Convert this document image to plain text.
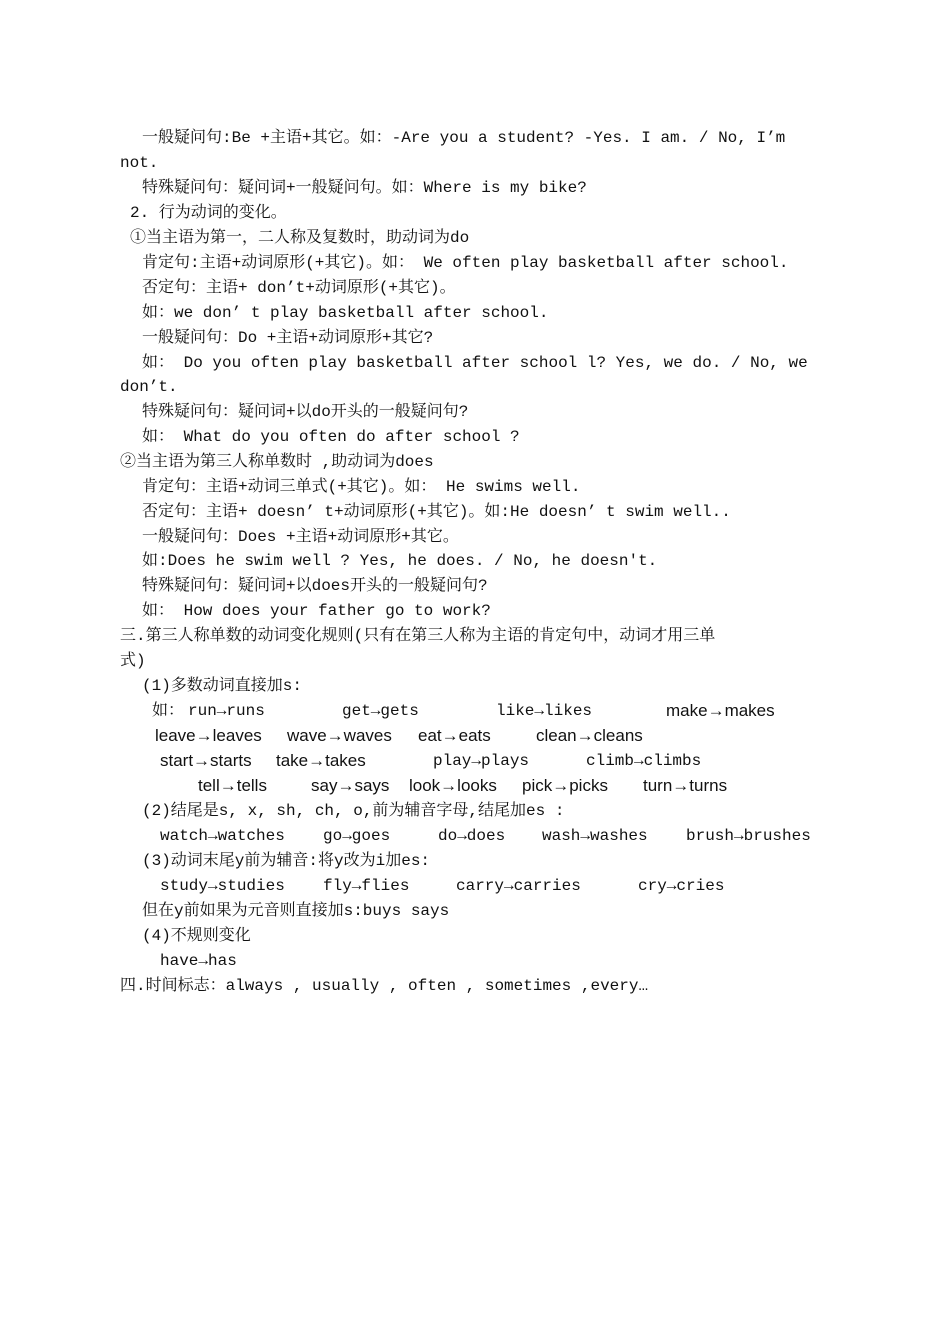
一般疑问句:Be +主语+其它。如：-Are you a student? -Yes. I am. / No, I’m
not.
特殊疑问句：疑问词+一般疑问句。如：Where is my bike?
2. 行为动词的变化。
①当主语为第一，二人称及复数时，助动词为do
肯定句:主语+动词原形(+其它)。如： We often play basketball after school.
否定句：主语+ don’t+动词原形(+其它)。
如：we don’ t play basketball after school.
一般疑问句：Do +主语+动词原形+其它?
如： Do you often play basketball after school l? Yes, we do. / No, we
don’t.
特殊疑问句：疑问词+以do开头的一般疑问句?
如： What do you often do after school ?
②当主语为第三人称单数时 ,助动词为does
肯定句：主语+动词三单式(+其它)。如： He swims well.
否定句：主语+ doesn’ t+动词原形(+其它)。如:He doesn’ t swim well..
一般疑问句：Does +主语+动词原形+其它。
如:Does he swim well ? Yes, he does. / No, he doesn't.
特殊疑问句：疑问词+以does开头的一般疑问句?
如： How does your father go to work?
三.第三人称单数的动词变化规则(只有在第三人称为主语的肯定句中，动词才用三单
式)
(1)多数动词直接加s:
如： run→runs	get→gets	like→likes	make→makes
leave→leaves wave→waves eat→eats	clean→cleans
start→starts take→takes	play→plays	climb→climbs
tell→tells	say→says look→looks pick→picks turn→turns
(2)结尾是s, x, sh, ch, o,前为辅音字母,结尾加es :
watch→watches go→goes	do→does wash→washes brush→brushes
(3)动词末尾y前为辅音:将y改为i加es:
study→studies fly→flies	carry→carries	cry→cries
但在y前如果为元音则直接加s:buys says
(4)不规则变化
have→has
四.时间标志：always , usually , often , sometimes ,every…
